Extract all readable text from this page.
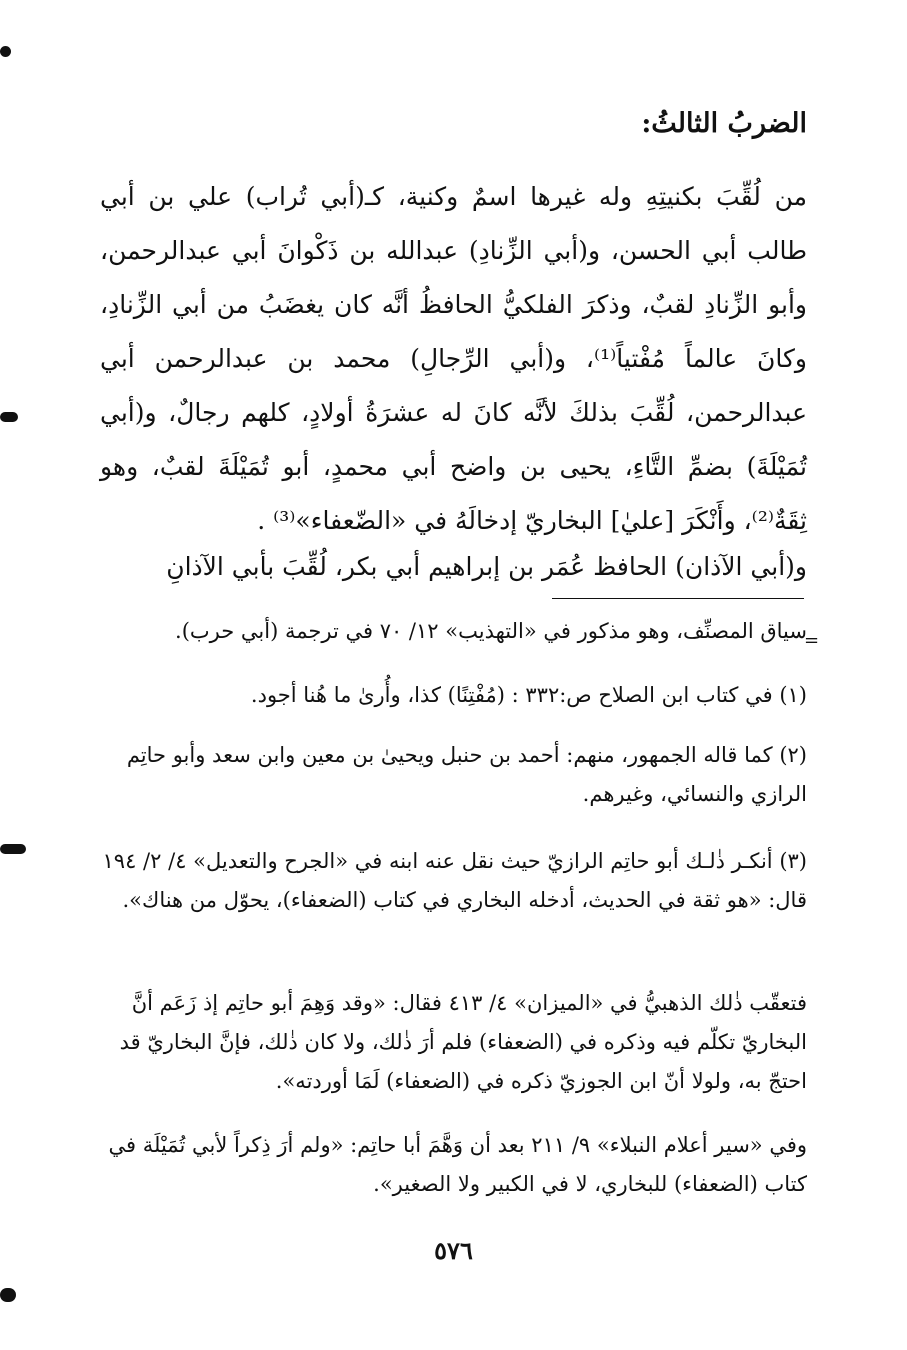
الضربُ الثالثُ:

من لُقِّبَ بكنيتِهِ وله غيرها اسمٌ وكنية، كـ(أبي تُراب) علي بن أبي طالب أبي الحسن، و(أبي الزِّنادِ) عبدالله بن ذَكْوانَ أبي عبدالرحمن، وأبو الزِّنادِ لقبٌ، وذكرَ الفلكيُّ الحافظُ أنَّه كان يغضَبُ من أبي الزِّنادِ، وكانَ عالماً مُفْتياً⁽¹⁾، و(أبي الرِّجالِ) محمد بن عبدالرحمن أبي عبدالرحمن، لُقِّبَ بذلكَ لأنَّه كانَ له عشرَةُ أولادٍ، كلهم رجالٌ، و(أبي تُمَيْلَةَ) بضمِّ التَّاءِ، يحيى بن واضح أبي محمدٍ، أبو تُمَيْلَةَ لقبٌ، وهو ثِقَةٌ⁽²⁾، وأَنْكَرَ [عليٰ] البخاريّ إدخالَهُ في «الضّعفاء»⁽³⁾ .

و(أبي الآذان) الحافظ عُمَر بن إبراهيم أبي بكر، لُقِّبَ بأبي الآذانِ
=

سياق المصنِّف، وهو مذكور في «التهذيب» ١٢/ ٧٠ في ترجمة (أبي حرب).

(١) في كتاب ابن الصلاح ص:٣٣٢ : (مُفْتِنًا) كذا، وأُرىٰ ما هُنا أجود.

(٢) كما قاله الجمهور، منهم: أحمد بن حنبل ويحيىٰ بن معين وابن سعد وأبو حاتِم الرازي والنسائي، وغيرهم.

(٣) أنكـر ذٰلـك أبو حاتِم الرازيّ حيث نقل عنه ابنه في «الجرح والتعديل» ٤/ ٢/ ١٩٤ قال: «هو ثقة في الحديث، أدخله البخاري في كتاب (الضعفاء)، يحوّل من هناك».

فتعقّب ذٰلك الذهبيُّ في «الميزان» ٤/ ٤١٣ فقال: «وقد وَهِمَ أبو حاتِم إذ زَعَم أنَّ البخاريّ تكلّم فيه وذكره في (الضعفاء) فلم أرَ ذٰلك، ولا كان ذٰلك، فإنَّ البخاريّ قد احتجّ به، ولولا أنّ ابن الجوزيّ ذكره في (الضعفاء) لَمَا أوردته».

وفي «سير أعلام النبلاء» ٩/ ٢١١ بعد أن وَهَّمَ أبا حاتِم: «ولم أرَ ذِكراً لأبي تُمَيْلَة في كتاب (الضعفاء) للبخاري، لا في الكبير ولا الصغير».

٥٧٦
